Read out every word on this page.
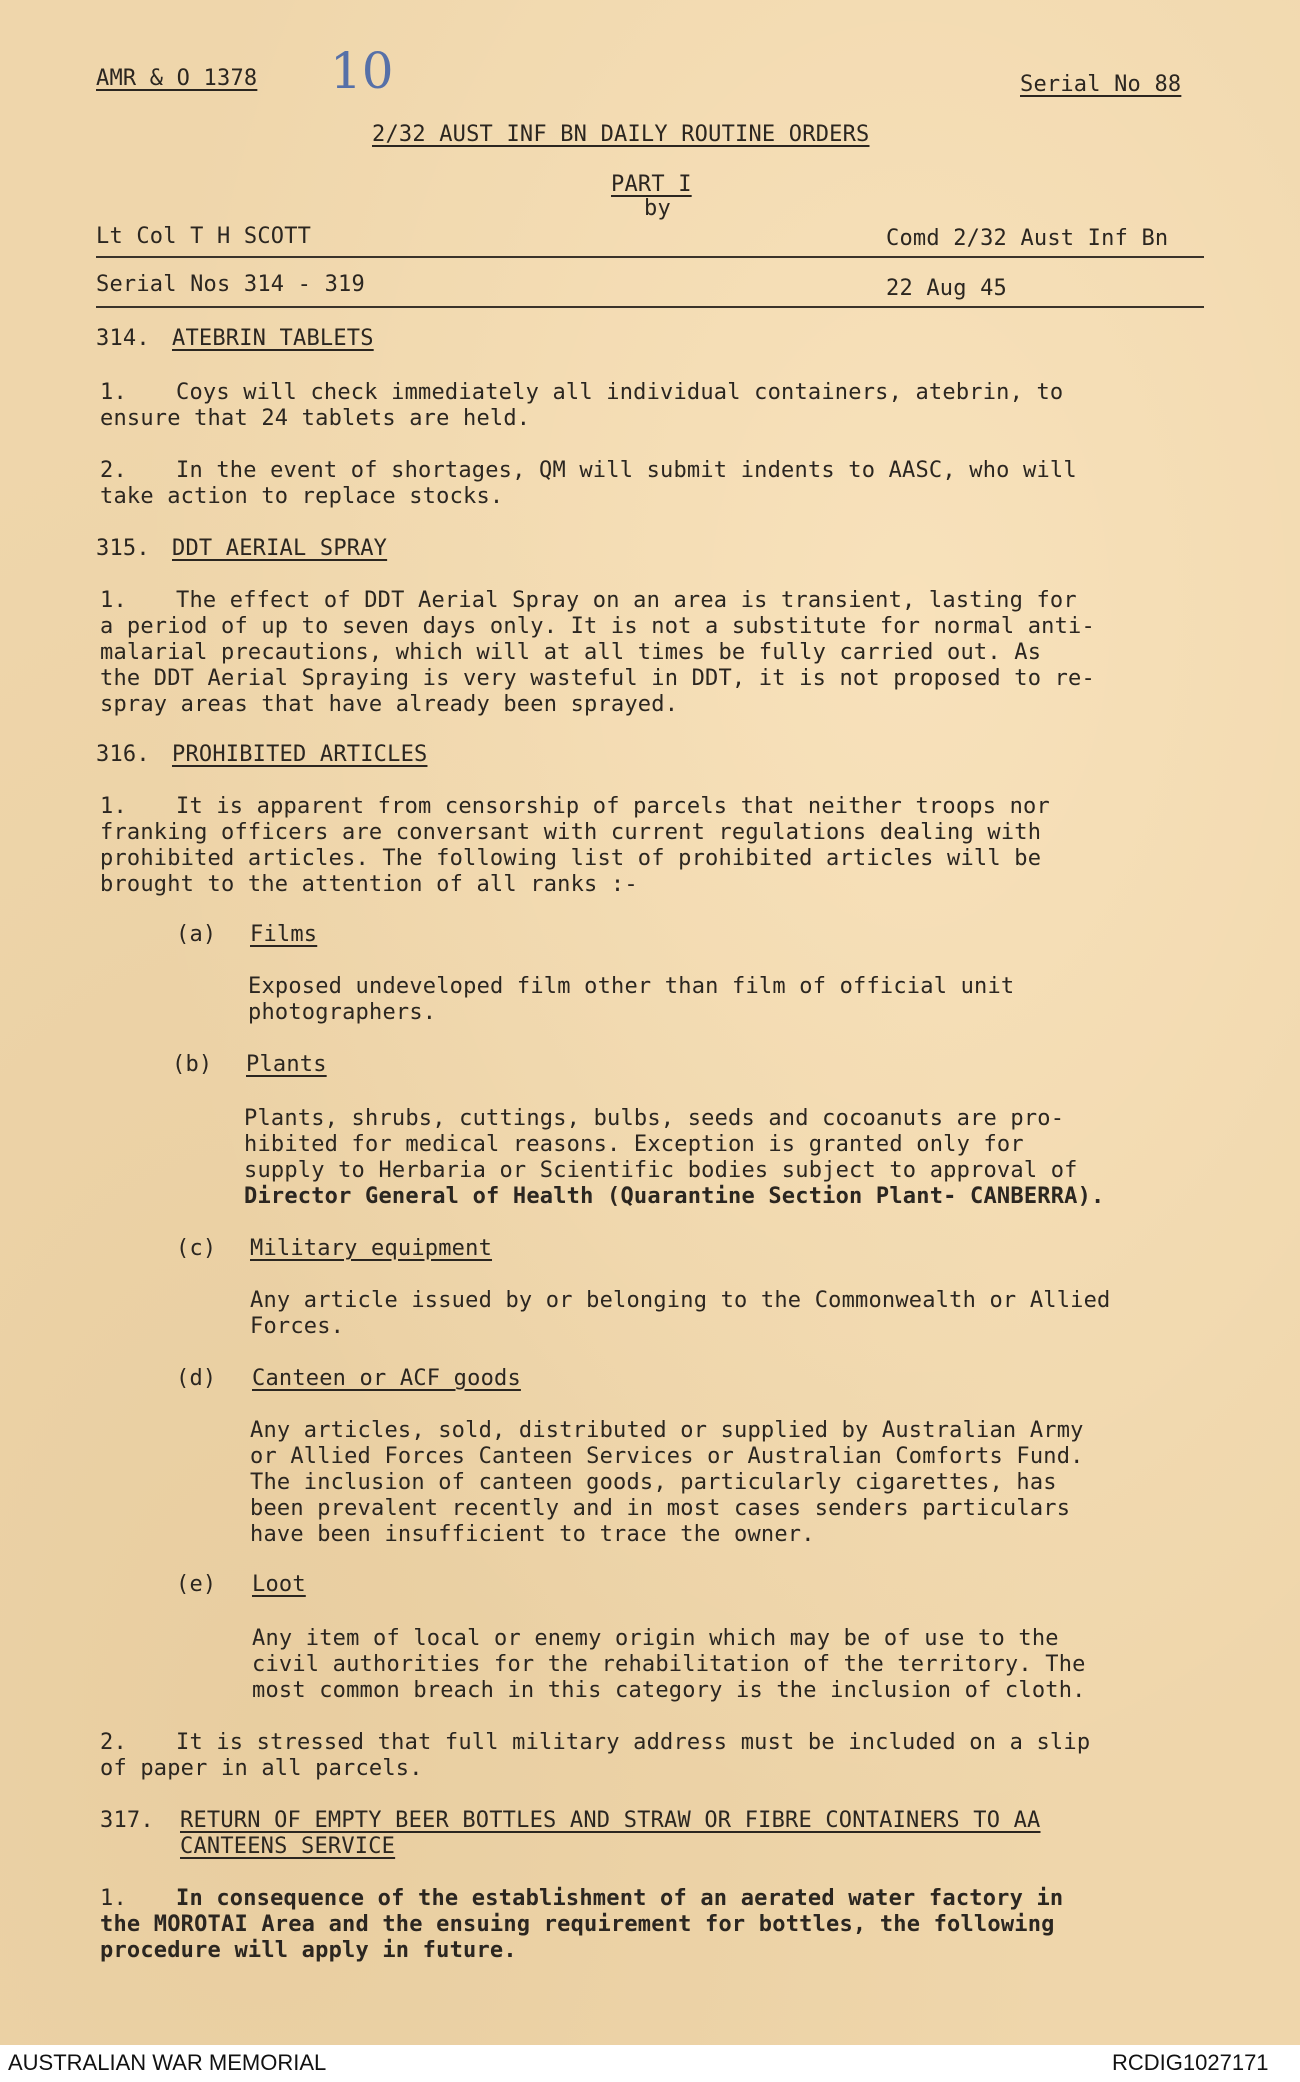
AMR & O 1378 10	Serial No 88
2/32 AUST INF BN DAILY ROUTINE ORDERS
PART I
by
Lt Col T H SCOTT	Comd 2/32 Aust Inf Bn
Serial Nos 314 - 319	22 Aug 45
314. ATEBRIN TABLETS
1.	Coys will check immediately all individual containers, atebrin, to

ensure that 24 tablets are held.

2.	In the event of shortages, QM will submit indents to AASC, who will

take action to replace stocks.

315. DDT AERIAL SPRAY
1.	The effect of DDT Aerial Spray on an area is transient, lasting for

a period of up to seven days only. It is not a substitute for normal anti-

malarial precautions, which will at all times be fully carried out. As

the DDT Aerial Spraying is very wasteful in DDT, it is not proposed to re-

spray areas that have already been sprayed.

316. PROHIBITED ARTICLES
1.	It is apparent from censorship of parcels that neither troops nor

franking officers are conversant with current regulations dealing with

prohibited articles. The following list of prohibited articles will be

brought to the attention of all ranks :-

(a) Films

Exposed undeveloped film other than film of official unit

photographers.

(b) Plants

Plants, shrubs, cuttings, bulbs, seeds and cocoanuts are pro-

hibited for medical reasons. Exception is granted only for

supply to Herbaria or Scientific bodies subject to approval of

Director General of Health (Quarantine Section Plant- CANBERRA).

(c) Military equipment

Any article issued by or belonging to the Commonwealth or Allied

Forces.

(d) Canteen or ACF goods

Any articles, sold, distributed or supplied by Australian Army

or Allied Forces Canteen Services or Australian Comforts Fund.

The inclusion of canteen goods, particularly cigarettes, has

been prevalent recently and in most cases senders particulars

have been insufficient to trace the owner.

(e) Loot

Any item of local or enemy origin which may be of use to the

civil authorities for the rehabilitation of the territory. The

most common breach in this category is the inclusion of cloth.

2.	It is stressed that full military address must be included on a slip

of paper in all parcels.

317. RETURN OF EMPTY BEER BOTTLES AND STRAW OR FIBRE CONTAINERS TO AA
CANTEENS SERVICE
1.	In consequence of the establishment of an aerated water factory in

the MOROTAI Area and the ensuing requirement for bottles, the following

procedure will apply in future.

AUSTRALIAN WAR MEMORIAL	RCDIG1027171
